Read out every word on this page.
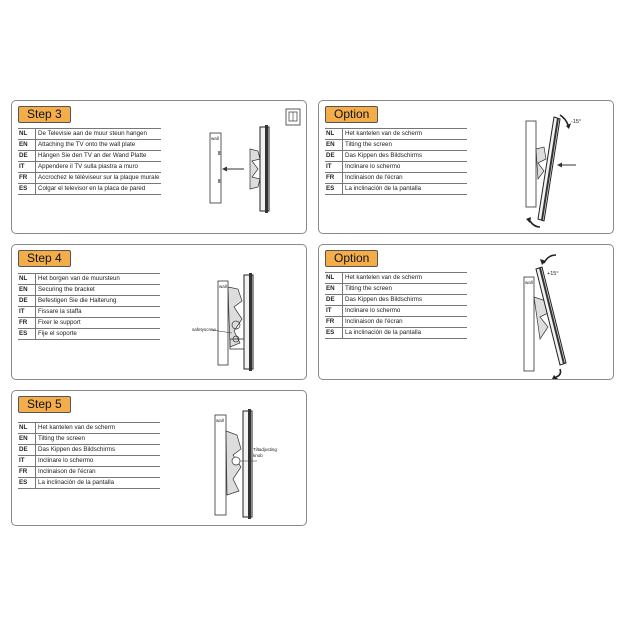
Step 3
NL	De Televisie aan de muur steun hangen
EN	Attaching the TV onto the wall plate
DE	Hängen Sie den TV an der Wand Platte
IT	Appendere il TV sulla piastra a muro
FR	Accrochez le téléviseur sur la plaque murale
ES	Colgar el televisor en la placa de pared
wall
Option
NL	Het kantelen van de scherm
EN	Tilting the screen
DE	Das Kippen des Bildschirms
IT	Inclinare lo schermo
FR	Inclinaison de l'écran
ES	La inclinación de la pantalla
-15°
Step 4
NL	Het borgen van de muursteun
EN	Securing the bracket
DE	Befestigen Sie die Halterung
IT	Fissare la staffa
FR	Fixer le support
ES	Fije el soporte
wall
safetyscrew
Option
NL	Het kantelen van de scherm
EN	Tilting the screen
DE	Das Kippen des Bildschirms
IT	Inclinare lo schermo
FR	Inclinaison de l'écran
ES	La inclinación de la pantalla
wall
+15°
Step 5
NL	Het kantelen van de scherm
EN	Tilting the screen
DE	Das Kippen des Bildschirms
IT	Inclinare lo schermo
FR	Inclinaison de l'écran
ES	La inclinación de la pantalla
wall
Tiltadjusting
knob
